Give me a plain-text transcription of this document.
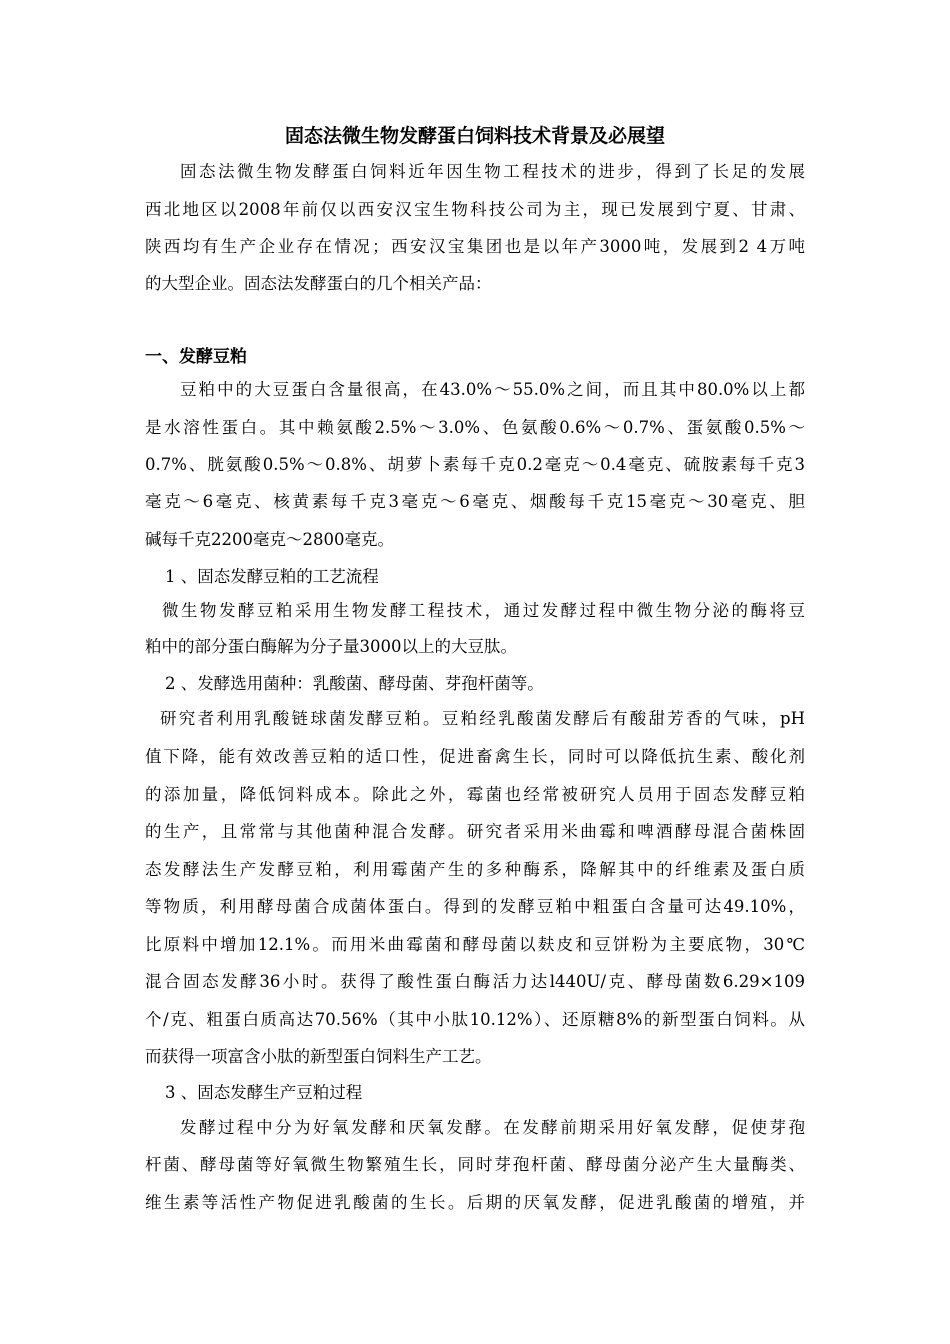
固态法微生物发酵蛋白饲料技术背景及必展望
固态法微生物发酵蛋白饲料近年因生物工程技术的进步，得到了长足的发展
西北地区以2008年前仅以西安汉宝生物科技公司为主，现已发展到宁夏、甘肃、
陕西均有生产企业存在情况；西安汉宝集团也是以年产3000吨，发展到2 4万吨
的大型企业。固态法发酵蛋白的几个相关产品：
一、发酵豆粕
豆粕中的大豆蛋白含量很高，在43.0%～55.0%之间，而且其中80.0%以上都
是水溶性蛋白。其中赖氨酸2.5%～3.0%、色氨酸0.6%～0.7%、蛋氨酸0.5%～
0.7%、胱氨酸0.5%～0.8%、胡萝卜素每千克0.2毫克～0.4毫克、硫胺素每千克3
毫克～6毫克、核黄素每千克3毫克～6毫克、烟酸每千克15毫克～30毫克、胆
碱每千克2200毫克～2800毫克。
1 、固态发酵豆粕的工艺流程
微生物发酵豆粕采用生物发酵工程技术，通过发酵过程中微生物分泌的酶将豆
粕中的部分蛋白酶解为分子量3000以上的大豆肽。
2 、发酵选用菌种：乳酸菌、酵母菌、芽孢杆菌等。
研究者利用乳酸链球菌发酵豆粕。豆粕经乳酸菌发酵后有酸甜芳香的气味，pH
值下降，能有效改善豆粕的适口性，促进畜禽生长，同时可以降低抗生素、酸化剂
的添加量，降低饲料成本。除此之外，霉菌也经常被研究人员用于固态发酵豆粕
的生产，且常常与其他菌种混合发酵。研究者采用米曲霉和啤酒酵母混合菌株固
态发酵法生产发酵豆粕，利用霉菌产生的多种酶系，降解其中的纤维素及蛋白质
等物质，利用酵母菌合成菌体蛋白。得到的发酵豆粕中粗蛋白含量可达49.10%，
比原料中增加12.1%。而用米曲霉菌和酵母菌以麸皮和豆饼粉为主要底物，30℃
混合固态发酵36小时。获得了酸性蛋白酶活力达l440U/克、酵母菌数6.29×109
个/克、粗蛋白质高达70.56%（其中小肽10.12%）、还原糖8%的新型蛋白饲料。从
而获得一项富含小肽的新型蛋白饲料生产工艺。
3 、固态发酵生产豆粕过程
发酵过程中分为好氧发酵和厌氧发酵。在发酵前期采用好氧发酵，促使芽孢
杆菌、酵母菌等好氧微生物繁殖生长，同时芽孢杆菌、酵母菌分泌产生大量酶类、
维生素等活性产物促进乳酸菌的生长。后期的厌氧发酵，促进乳酸菌的增殖，并
